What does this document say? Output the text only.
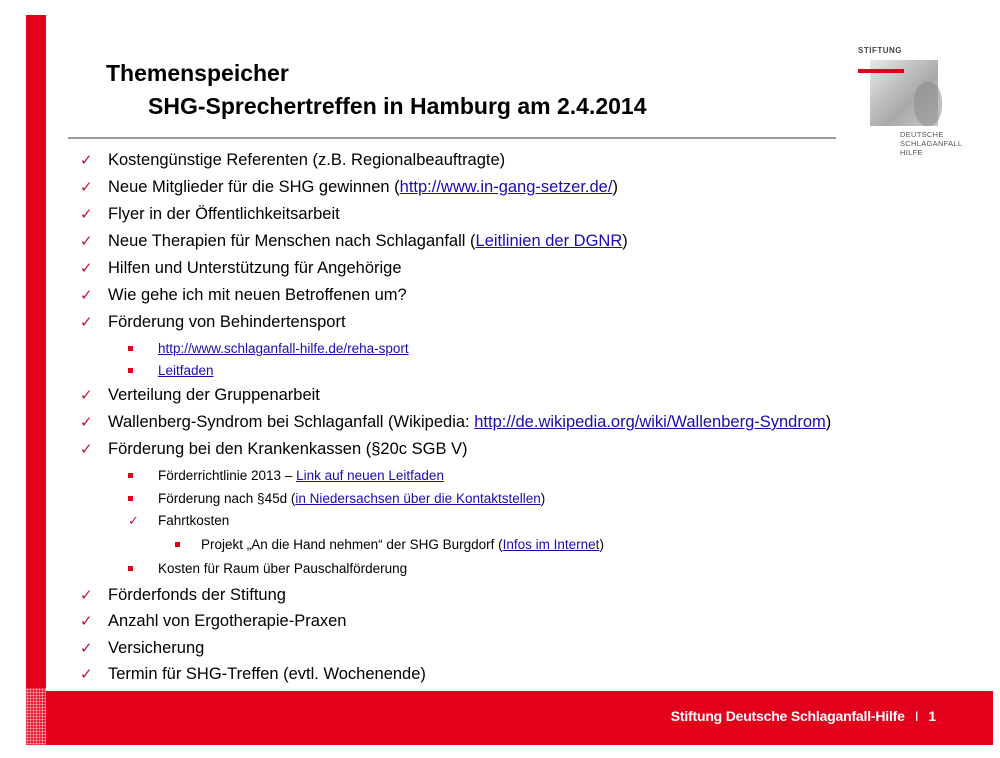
Stiftung Deutsche Schlaganfall-Hilfe I 1
Themenspeicher
SHG-Sprechertreffen in Hamburg am 2.4.2014
STIFTUNG
DEUTSCHE SCHLAGANFALL HILFE
✓ Kostengünstige Referenten (z.B. Regionalbeauftragte)
✓ Neue Mitglieder für die SHG gewinnen (http://www.in-gang-setzer.de/)
✓ Flyer in der Öffentlichkeitsarbeit
✓ Neue Therapien für Menschen nach Schlaganfall (Leitlinien der DGNR)
✓ Hilfen und Unterstützung für Angehörige
✓ Wie gehe ich mit neuen Betroffenen um?
✓ Förderung von Behindertensport
http://www.schlaganfall-hilfe.de/reha-sport
Leitfaden
✓ Verteilung der Gruppenarbeit
✓ Wallenberg-Syndrom bei Schlaganfall (Wikipedia: http://de.wikipedia.org/wiki/Wallenberg-Syndrom)
✓ Förderung bei den Krankenkassen (§20c SGB V)
Förderrichtlinie 2013 – Link auf neuen Leitfaden
Förderung nach §45d (in Niedersachsen über die Kontaktstellen)
✓ Fahrtkosten
Projekt „An die Hand nehmen“ der SHG Burgdorf (Infos im Internet)
Kosten für Raum über Pauschalförderung
✓ Förderfonds der Stiftung
✓ Anzahl von Ergotherapie-Praxen
✓ Versicherung
✓ Termin für SHG-Treffen (evtl. Wochenende)
